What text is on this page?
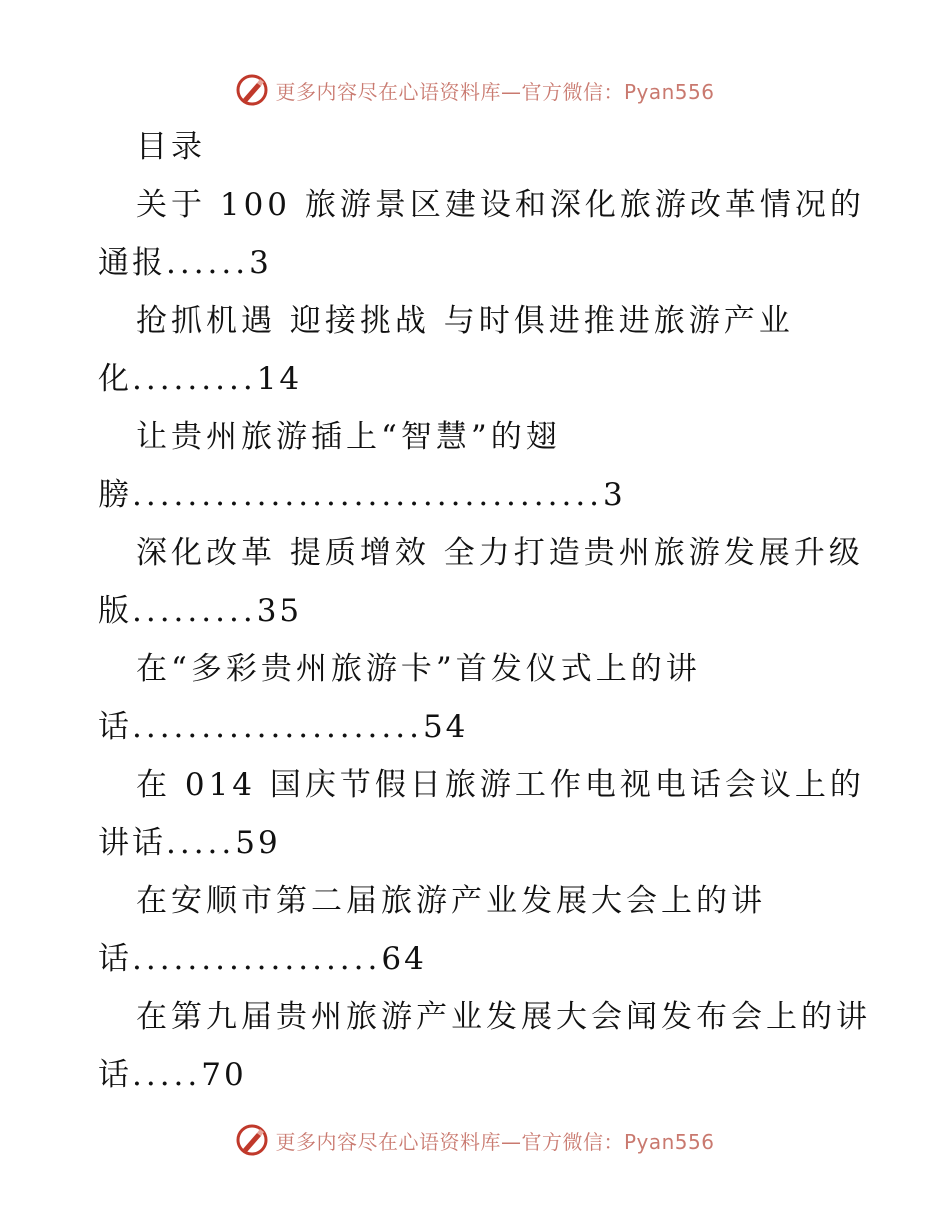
更多内容尽在心语资料库—官方微信：Pyan556
目录
关于 100 旅游景区建设和深化旅游改革情况的
通报......3
抢抓机遇 迎接挑战 与时俱进推进旅游产业
化.........14
让贵州旅游插上“智慧”的翅
膀..................................3
深化改革 提质增效 全力打造贵州旅游发展升级
版.........35
在“多彩贵州旅游卡”首发仪式上的讲
话.....................54
在 014 国庆节假日旅游工作电视电话会议上的
讲话.....59
在安顺市第二届旅游产业发展大会上的讲
话..................64
在第九届贵州旅游产业发展大会闻发布会上的讲
话.....70
更多内容尽在心语资料库—官方微信：Pyan556
